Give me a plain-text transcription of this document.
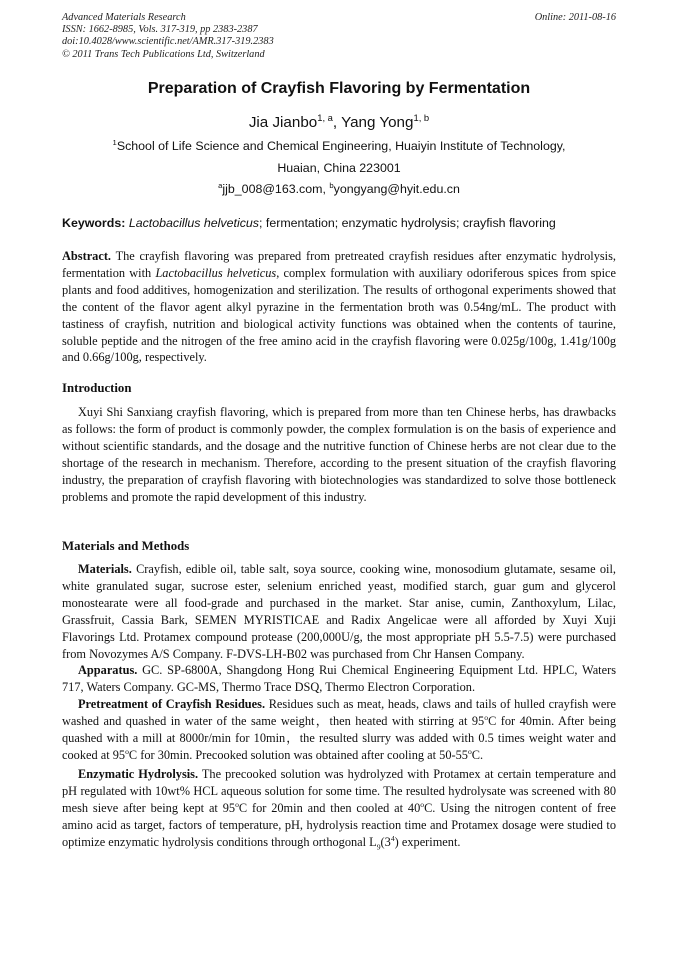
Advanced Materials Research	Online: 2011-08-16
ISSN: 1662-8985, Vols. 317-319, pp 2383-2387
doi:10.4028/www.scientific.net/AMR.317-319.2383
© 2011 Trans Tech Publications Ltd, Switzerland
Preparation of Crayfish Flavoring by Fermentation
Jia Jianbo$^{1, a}$, Yang Yong$^{1, b}$
$^1$School of Life Science and Chemical Engineering, Huaiyin Institute of Technology,
Huaian, China 223001
$^a$jjb_008@163.com, $^b$yongyang@hyit.edu.cn
Keywords: Lactobacillus helveticus; fermentation; enzymatic hydrolysis; crayfish flavoring

Abstract. The crayfish flavoring was prepared from pretreated crayfish residues after enzymatic hydrolysis, fermentation with Lactobacillus helveticus, complex formulation with auxiliary odoriferous spices from spice plants and food additives, homogenization and sterilization. The results of orthogonal experiments showed that the content of the flavor agent alkyl pyrazine in the fermentation broth was 0.54ng/mL. The product with tastiness of crayfish, nutrition and biological activity functions was obtained when the contents of taurine, soluble peptide and the nitrogen of the free amino acid in the crayfish flavoring were 0.025g/100g, 1.41g/100g and 0.66g/100g, respectively.

Introduction

Xuyi Shi Sanxiang crayfish flavoring, which is prepared from more than ten Chinese herbs, has drawbacks as follows: the form of product is commonly powder, the complex formulation is on the basis of experience and without scientific standards, and the dosage and the nutritive function of Chinese herbs are not clear due to the shortage of the research in mechanism. Therefore, according to the present situation of the crayfish flavoring industry, the preparation of crayfish flavoring with biotechnologies was standardized to solve those bottleneck problems and promote the rapid development of this industry.

Materials and Methods

Materials. Crayfish, edible oil, table salt, soya source, cooking wine, monosodium glutamate, sesame oil, white granulated sugar, sucrose ester, selenium enriched yeast, modified starch, guar gum and glycerol monostearate were all food-grade and purchased in the market. Star anise, cumin, Zanthoxylum, Lilac, Grassfruit, Cassia Bark, SEMEN MYRISTICAE and Radix Angelicae were all afforded by Xuyi Xuji Flavorings Ltd. Protamex compound protease (200,000U/g, the most appropriate pH 5.5-7.5) were purchased from Novozymes A/S Company. F-DVS-LH-B02 was purchased from Chr Hansen Company.

Apparatus. GC. SP-6800A, Shangdong Hong Rui Chemical Engineering Equipment Ltd. HPLC, Waters 717, Waters Company. GC-MS, Thermo Trace DSQ, Thermo Electron Corporation.

Pretreatment of Crayfish Residues. Residues such as meat, heads, claws and tails of hulled crayfish were washed and quashed in water of the same weight，then heated with stirring at 95$^o$C for 40min. After being quashed with a mill at 8000r/min for 10min，the resulted slurry was added with 0.5 times weight water and cooked at 95$^o$C for 30min. Precooked solution was obtained after cooling at 50-55$^o$C.

Enzymatic Hydrolysis. The precooked solution was hydrolyzed with Protamex at certain temperature and pH regulated with 10wt% HCL aqueous solution for some time. The resulted hydrolysate was screened with 80 mesh sieve after being kept at 95$^o$C for 20min and then cooled at 40$^o$C. Using the nitrogen content of free amino acid as target, factors of temperature, pH, hydrolysis reaction time and Protamex dosage were studied to optimize enzymatic hydrolysis conditions through orthogonal $L_9(3^4)$ experiment.
